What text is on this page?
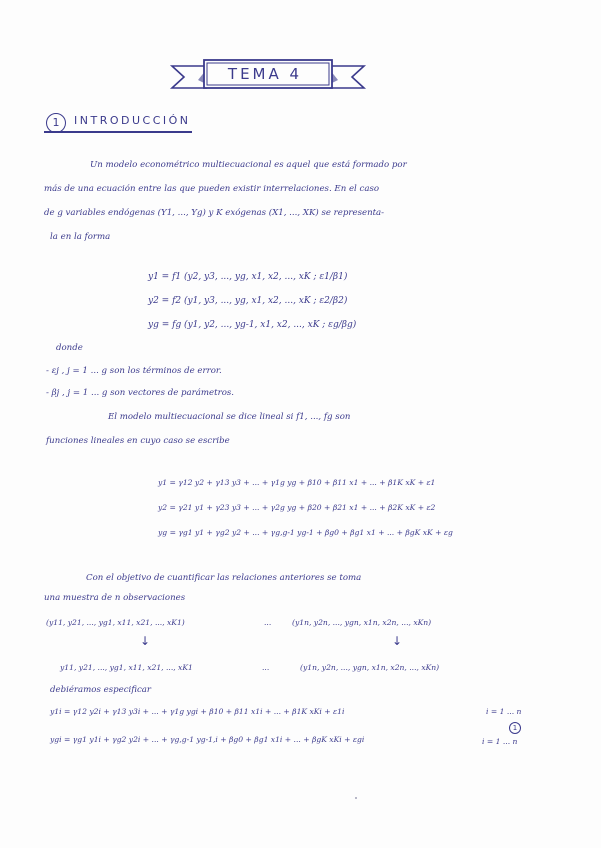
TEMA 4
1	INTRODUCCIÓN
Un modelo econométrico multiecuacional es aquel que está formado por
más de una ecuación entre las que pueden existir interrelaciones. En el caso
de g variables endógenas (Y1, ..., Yg) y K exógenas (X1, ..., XK) se representa-
la en la forma
y1 = f1 (y2, y3, ..., yg, x1, x2, ..., xK ; ε1/β1)
y2 = f2 (y1, y3, ..., yg, x1, x2, ..., xK ; ε2/β2)
yg = fg (y1, y2, ..., yg-1, x1, x2, ..., xK ; εg/βg)
donde
- εj , j = 1 ... g son los términos de error.
- βj , j = 1 ... g son vectores de parámetros.
El modelo multiecuacional se dice lineal si f1, ..., fg son
funciones lineales en cuyo caso se escribe
y1 = γ12 y2 + γ13 y3 + ... + γ1g yg + β10 + β11 x1 + ... + β1K xK + ε1
y2 = γ21 y1 + γ23 y3 + ... + γ2g yg + β20 + β21 x1 + ... + β2K xK + ε2
yg = γg1 y1 + γg2 y2 + ... + γg,g-1 yg-1 + βg0 + βg1 x1 + ... + βgK xK + εg
Con el objetivo de cuantificar las relaciones anteriores se toma
una muestra de n observaciones
(y11, y21, ..., yg1, x11, x21, ..., xK1)	...	(y1n, y2n, ..., ygn, x1n, x2n, ..., xKn)
↓	↓
y11, y21, ..., yg1, x11, x21, ..., xK1	...	(y1n, y2n, ..., ygn, x1n, x2n, ..., xKn)
debiéramos especificar
y1i = γ12 y2i + γ13 y3i + ... + γ1g ygi + β10 + β11 x1i + ... + β1K xKi + ε1i	i = 1 ... n
1
ygi = γg1 y1i + γg2 y2i + ... + γg,g-1 yg-1,i + βg0 + βg1 x1i + ... + βgK xKi + εgi	i = 1 ... n
